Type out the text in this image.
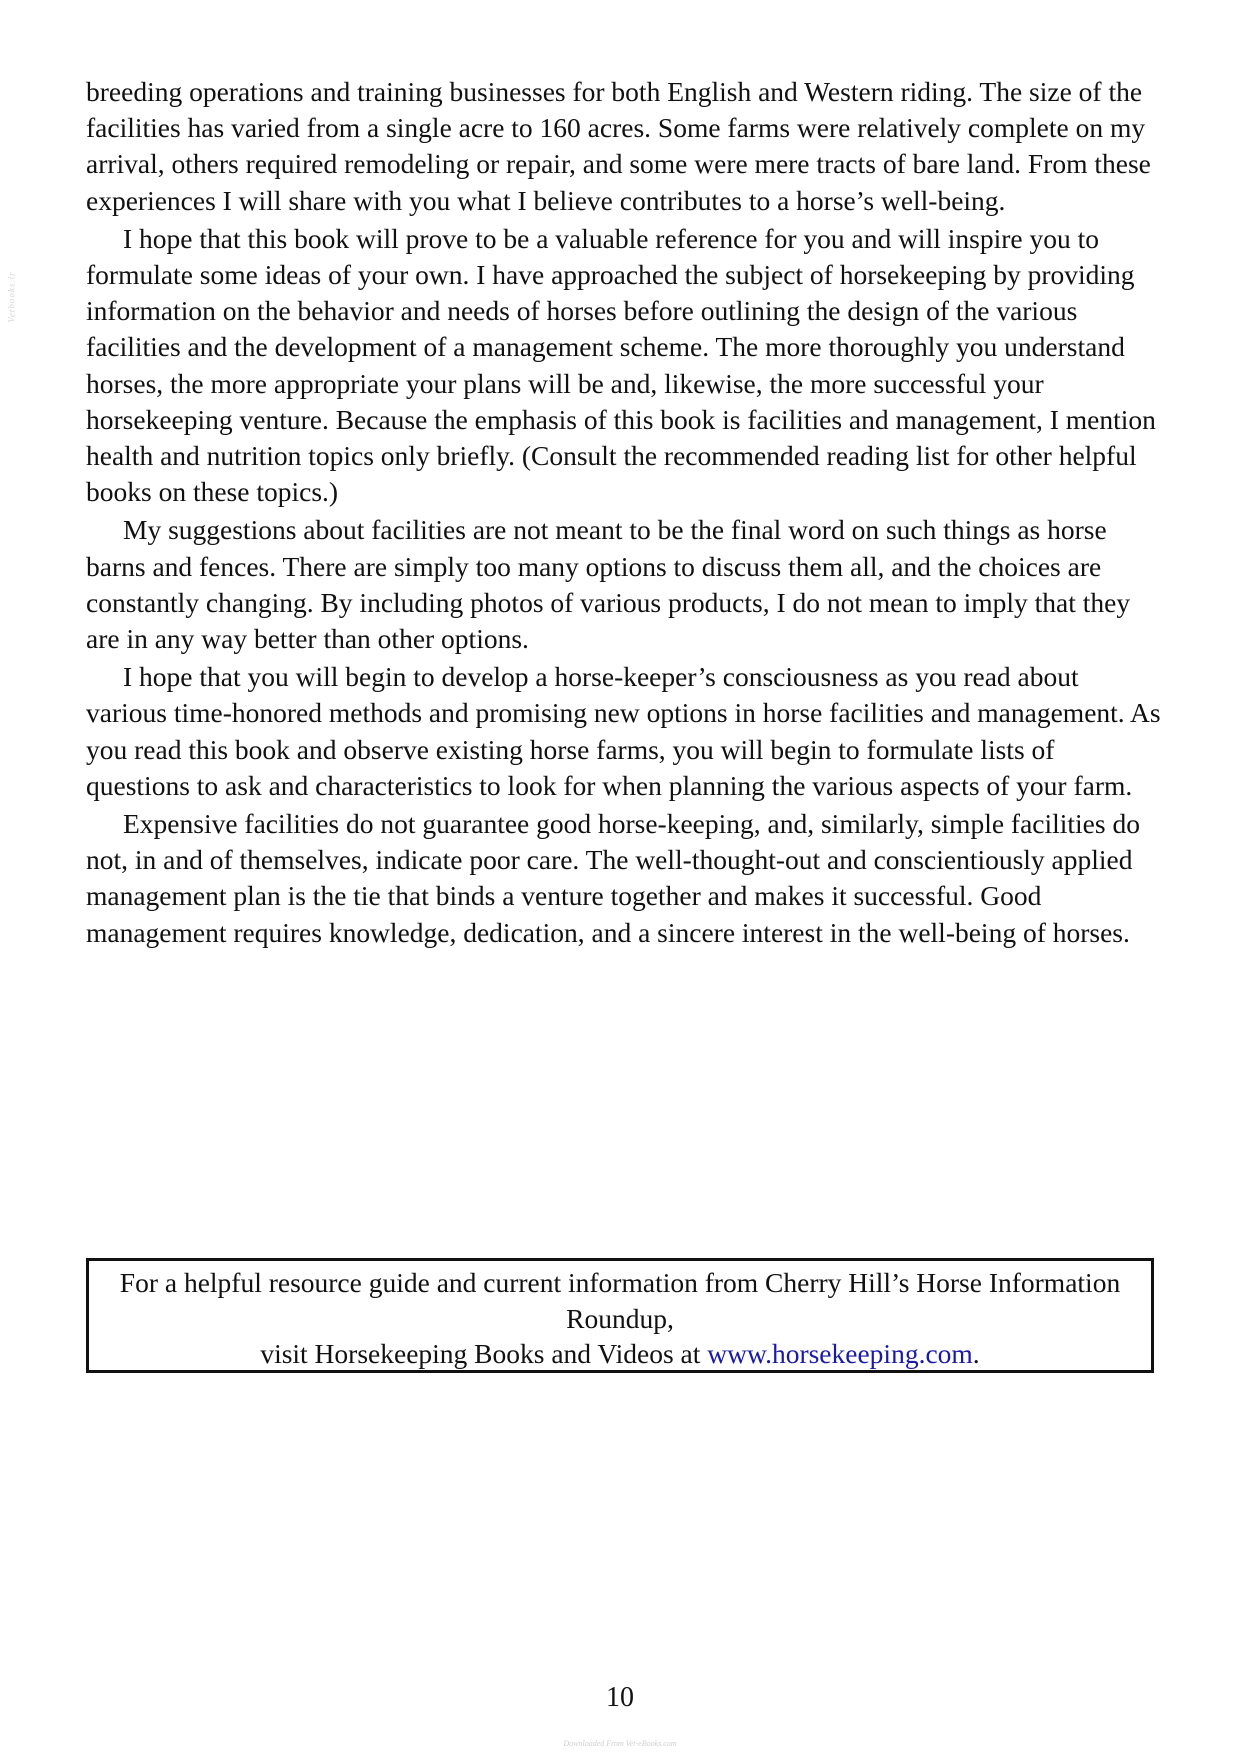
Vetbooks.ir

breeding operations and training businesses for both English and Western riding. The size of the facilities has varied from a single acre to 160 acres. Some farms were relatively complete on my arrival, others required remodeling or repair, and some were mere tracts of bare land. From these experiences I will share with you what I believe contributes to a horse’s well-being.

I hope that this book will prove to be a valuable reference for you and will inspire you to formulate some ideas of your own. I have approached the subject of horsekeeping by providing information on the behavior and needs of horses before outlining the design of the various facilities and the development of a management scheme. The more thoroughly you understand horses, the more appropriate your plans will be and, likewise, the more successful your horsekeeping venture. Because the emphasis of this book is facilities and management, I mention health and nutrition topics only briefly. (Consult the recommended reading list for other helpful books on these topics.)

My suggestions about facilities are not meant to be the final word on such things as horse barns and fences. There are simply too many options to discuss them all, and the choices are constantly changing. By including photos of various products, I do not mean to imply that they are in any way better than other options.

I hope that you will begin to develop a horse-keeper’s consciousness as you read about various time-honored methods and promising new options in horse facilities and management. As you read this book and observe existing horse farms, you will begin to formulate lists of questions to ask and characteristics to look for when planning the various aspects of your farm.

Expensive facilities do not guarantee good horse-keeping, and, similarly, simple facilities do not, in and of themselves, indicate poor care. The well-thought-out and conscientiously applied management plan is the tie that binds a venture together and makes it successful. Good management requires knowledge, dedication, and a sincere interest in the well-being of horses.

For a helpful resource guide and current information from Cherry Hill’s Horse Information Roundup,
visit Horsekeeping Books and Videos at www.horsekeeping.com.
10
Downloaded From Vet-eBooks.com
